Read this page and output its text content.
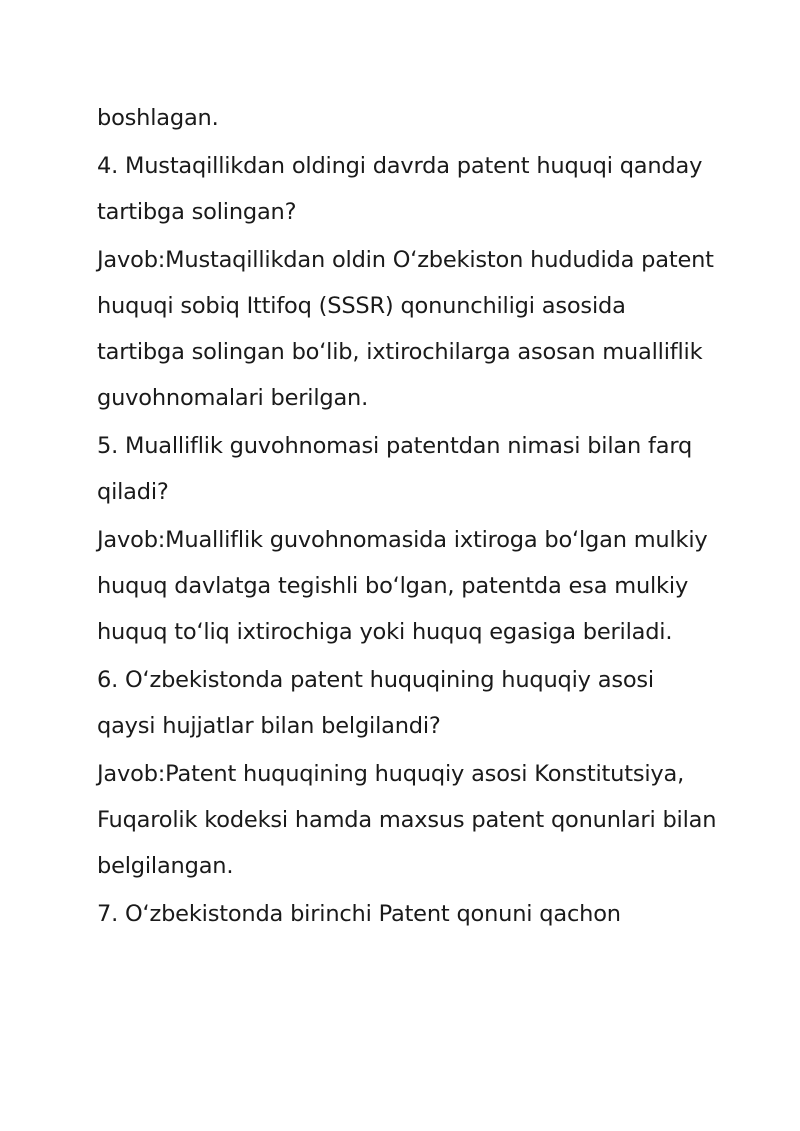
boshlagan.

4. Mustaqillikdan oldingi davrda patent huquqi qanday tartibga solingan?

Javob:Mustaqillikdan oldin O‘zbekiston hududida patent huquqi sobiq Ittifoq (SSSR) qonunchiligi asosida tartibga solingan bo‘lib, ixtirochilarga asosan mualliflik guvohnomalari berilgan.

5. Mualliflik guvohnomasi patentdan nimasi bilan farq qiladi?

Javob:Mualliflik guvohnomasida ixtiroga bo‘lgan mulkiy huquq davlatga tegishli bo‘lgan, patentda esa mulkiy huquq to‘liq ixtirochiga yoki huquq egasiga beriladi.

6. O‘zbekistonda patent huquqining huquqiy asosi qaysi hujjatlar bilan belgilandi?

Javob:Patent huquqining huquqiy asosi Konstitutsiya, Fuqarolik kodeksi hamda maxsus patent qonunlari bilan belgilangan.

7. O‘zbekistonda birinchi Patent qonuni qachon
